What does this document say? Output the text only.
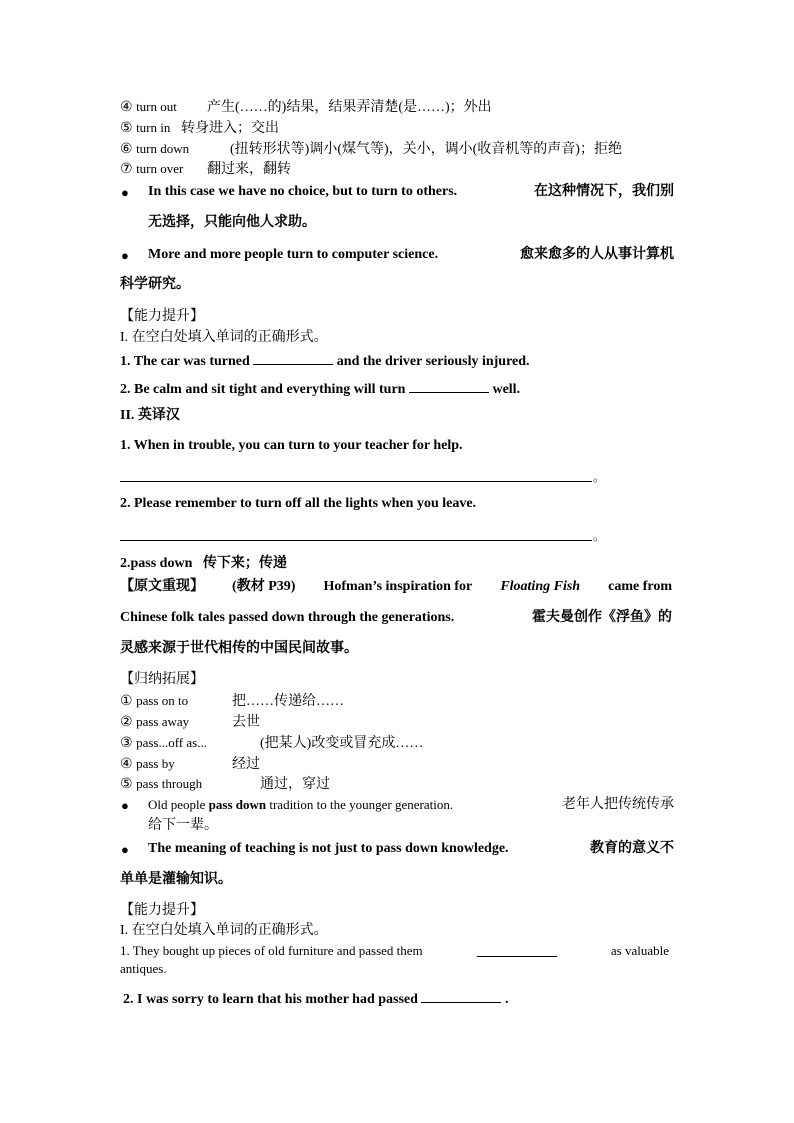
④ turn out 产生(……的)结果，结果弄清楚(是……)；外出
⑤ turn in 转身进入；交出
⑥ turn down	(扭转形状等)调小(煤气等)，关小，调小(收音机等的声音)；拒绝
⑦ turn over 翻过来，翻转
● In this case we have no choice, but to turn to others.	在这种情况下，我们别
无选择，只能向他人求助。
● More and more people turn to computer science.	愈来愈多的人从事计算机
科学研究。
【能力提升】
I. 在空白处填入单词的正确形式。
1. The car was turned	and the driver seriously injured.
2. Be calm and sit tight and everything will turn	well.
II. 英译汉
1. When in trouble, you can turn to your teacher for help.
。
2. Please remember to turn off all the lights when you leave.
。
2.pass down 传下来；传递
【原文重现】 (教材 P39) Hofman’s inspiration for Floating Fish came from
Chinese folk tales passed down through the generations.	霍夫曼创作《浮鱼》的
灵感来源于世代相传的中国民间故事。
【归纳拓展】
① pass on to	把……传递给……
② pass away	去世
③ pass...off as...	(把某人)改变或冒充成……
④ pass by	经过
⑤ pass through	通过，穿过
● Old people pass down tradition to the younger generation.	老年人把传统传承
给下一辈。
● The meaning of teaching is not just to pass down knowledge.	教育的意义不
单单是灌输知识。
【能力提升】
I. 在空白处填入单词的正确形式。
1. They bought up pieces of old furniture and passed them	as valuable
antiques.
2. I was sorry to learn that his mother had passed	.
